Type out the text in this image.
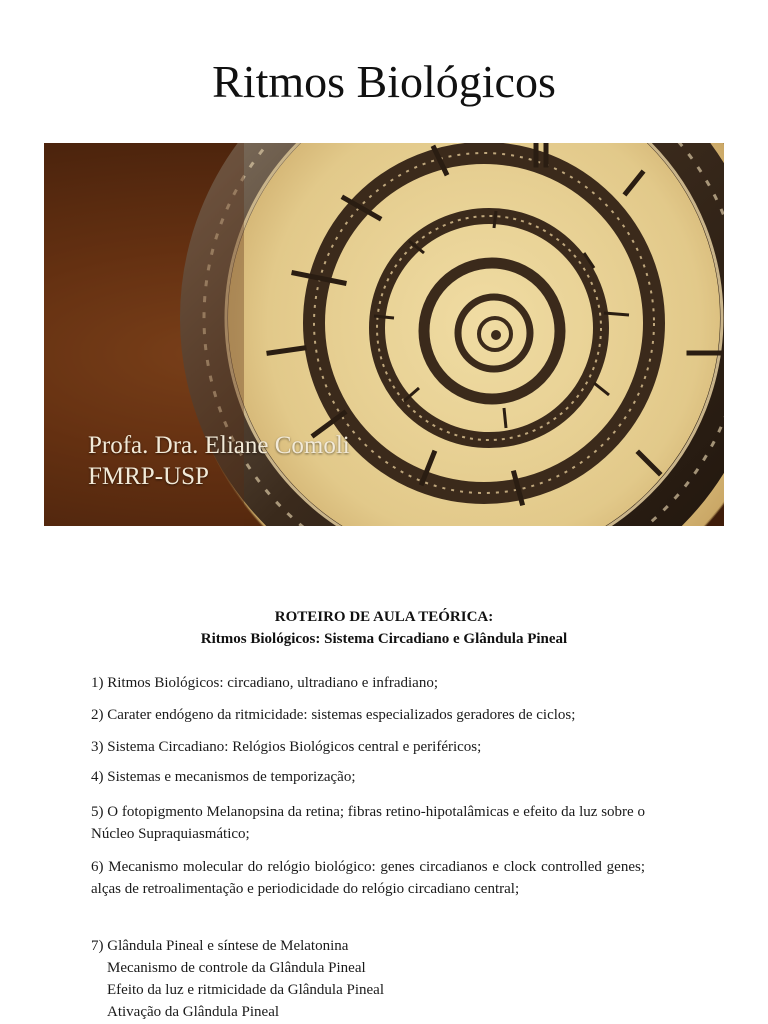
Ritmos Biológicos
Profa. Dra. Eliane Comoli
FMRP-USP
ROTEIRO DE AULA TEÓRICA:
Ritmos Biológicos: Sistema Circadiano e Glândula Pineal
1) Ritmos Biológicos: circadiano, ultradiano e infradiano;
2) Carater endógeno da ritmicidade: sistemas especializados geradores de ciclos;
3) Sistema Circadiano: Relógios Biológicos central e periféricos;
4) Sistemas e mecanismos de temporização;
5) O fotopigmento Melanopsina da retina; fibras retino-hipotalâmicas e efeito da luz sobre o Núcleo Supraquiasmático;
6) Mecanismo molecular do relógio biológico: genes circadianos e clock controlled genes; alças de retroalimentação e periodicidade do relógio circadiano central;
7) Glândula Pineal e síntese de Melatonina
Mecanismo de controle da Glândula Pineal
Efeito da luz e ritmicidade da Glândula Pineal
Ativação da Glândula Pineal
